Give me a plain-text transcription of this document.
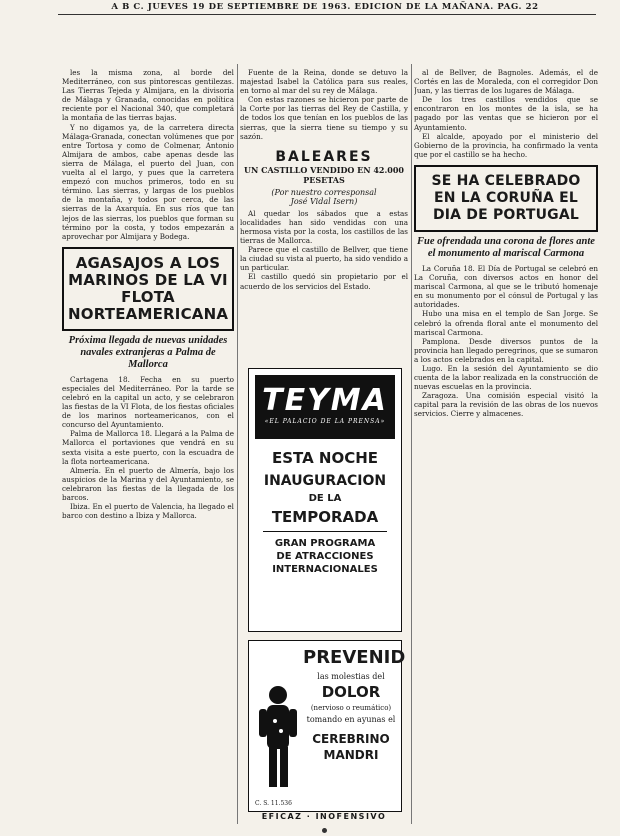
A B C. JUEVES 19 DE SEPTIEMBRE DE 1963. EDICION DE LA MAÑANA. PAG. 22

les la misma zona, al borde del Mediterráneo, con sus pintorescas gentilezas. Las Tierras Tejeda y Almijara, en la divisoria de Málaga y Granada, conocidas en política reciente por el Nacional 340, que completará la montaña de las tierras bajas.

Y no digamos ya, de la carretera directa Málaga-Granada, conectan volúmenes que por entre Tortosa y como de Colmenar, Antonio Almijara de ambos, cabe apenas desde las sierra de Málaga, el puerto del Juan, con vuelta al el largo, y pues que la carretera empezó con muchos primeros, todo en su término. Las sierras, y largas de los pueblos de la montaña, y todos por cerca, de las sierras de la Axarquía. En sus ríos que tan lejos de las sierras, los pueblos que forman su término por la costa, y todos empezarán a aprovechar por Almijara y Bodega.

AGASAJOS A LOS MARINOS DE LA VI FLOTA NORTEAMERICANA
Próxima llegada de nuevas unidades navales extranjeras a Palma de Mallorca

Cartagena 18. Fecha en su puerto especiales del Mediterráneo. Por la tarde se celebró en la capital un acto, y se celebraron las fiestas de la VI Flota, de los fiestas oficiales de los marinos norteamericanos, con el concurso del Ayuntamiento.

Palma de Mallorca 18. Llegará a la Palma de Mallorca el portaviones que vendrá en su sexta visita a este puerto, con la escuadra de la flota norteamericana.

Almería. En el puerto de Almería, bajo los auspicios de la Marina y del Ayuntamiento, se celebraron las fiestas de la llegada de los barcos.

Ibiza. En el puerto de Valencia, ha llegado el barco con destino a Ibiza y Mallorca.

Fuente de la Reina, donde se detuvo la majestad Isabel la Católica para sus reales, en torno al mar del su rey de Málaga.

Con estas razones se hicieron por parte de la Corte por las tierras del Rey de Castilla, y de todos los que tenían en los pueblos de las sierras, que la sierra tiene su tiempo y su sazón.

BALEARES
UN CASTILLO VENDIDO EN 42.000 PESETAS
(Por nuestro corresponsal
José Vidal Isern)

Al quedar los sábados que a estas localidades han sido vendidas con una hermosa vista por la costa, los castillos de las tierras de Mallorca.

Parece que el castillo de Bellver, que tiene la ciudad su vista al puerto, ha sido vendido a un particular.

El castillo quedó sin propietario por el acuerdo de los servicios del Estado.

TEYMA
«EL PALACIO DE LA PRENSA»
ESTA NOCHE
INAUGURACION
DE LA
TEMPORADA
GRAN PROGRAMA
DE ATRACCIONES
INTERNACIONALES
PREVENID
las molestias del
DOLOR
(nervioso o reumático)
tomando en ayunas el
CEREBRINO
MANDRI
C. S. 11.536
EFICAZ · INOFENSIVO

al de Bellver, de Bagnoles. Además, el de Cortés en las de Moraleda, con el corregidor Don Juan, y las tierras de los lugares de Málaga.

De los tres castillos vendidos que se encontraron en los montes de la isla, se ha pagado por las ventas que se hicieron por el Ayuntamiento.

El alcalde, apoyado por el ministerio del Gobierno de la provincia, ha confirmado la venta que por el castillo se ha hecho.

SE HA CELEBRADO EN LA CORUÑA EL DIA DE PORTUGAL
Fue ofrendada una corona de flores ante el monumento al mariscal Carmona

La Coruña 18. El Día de Portugal se celebró en La Coruña, con diversos actos en honor del mariscal Carmona, al que se le tributó homenaje en su monumento por el cónsul de Portugal y las autoridades.

Hubo una misa en el templo de San Jorge. Se celebró la ofrenda floral ante el monumento del mariscal Carmona.

Pamplona. Desde diversos puntos de la provincia han llegado peregrinos, que se sumaron a los actos celebrados en la capital.

Lugo. En la sesión del Ayuntamiento se dio cuenta de la labor realizada en la construcción de nuevas escuelas en la provincia.

Zaragoza. Una comisión especial visitó la capital para la revisión de las obras de los nuevos servicios. Cierre y almacenes.
